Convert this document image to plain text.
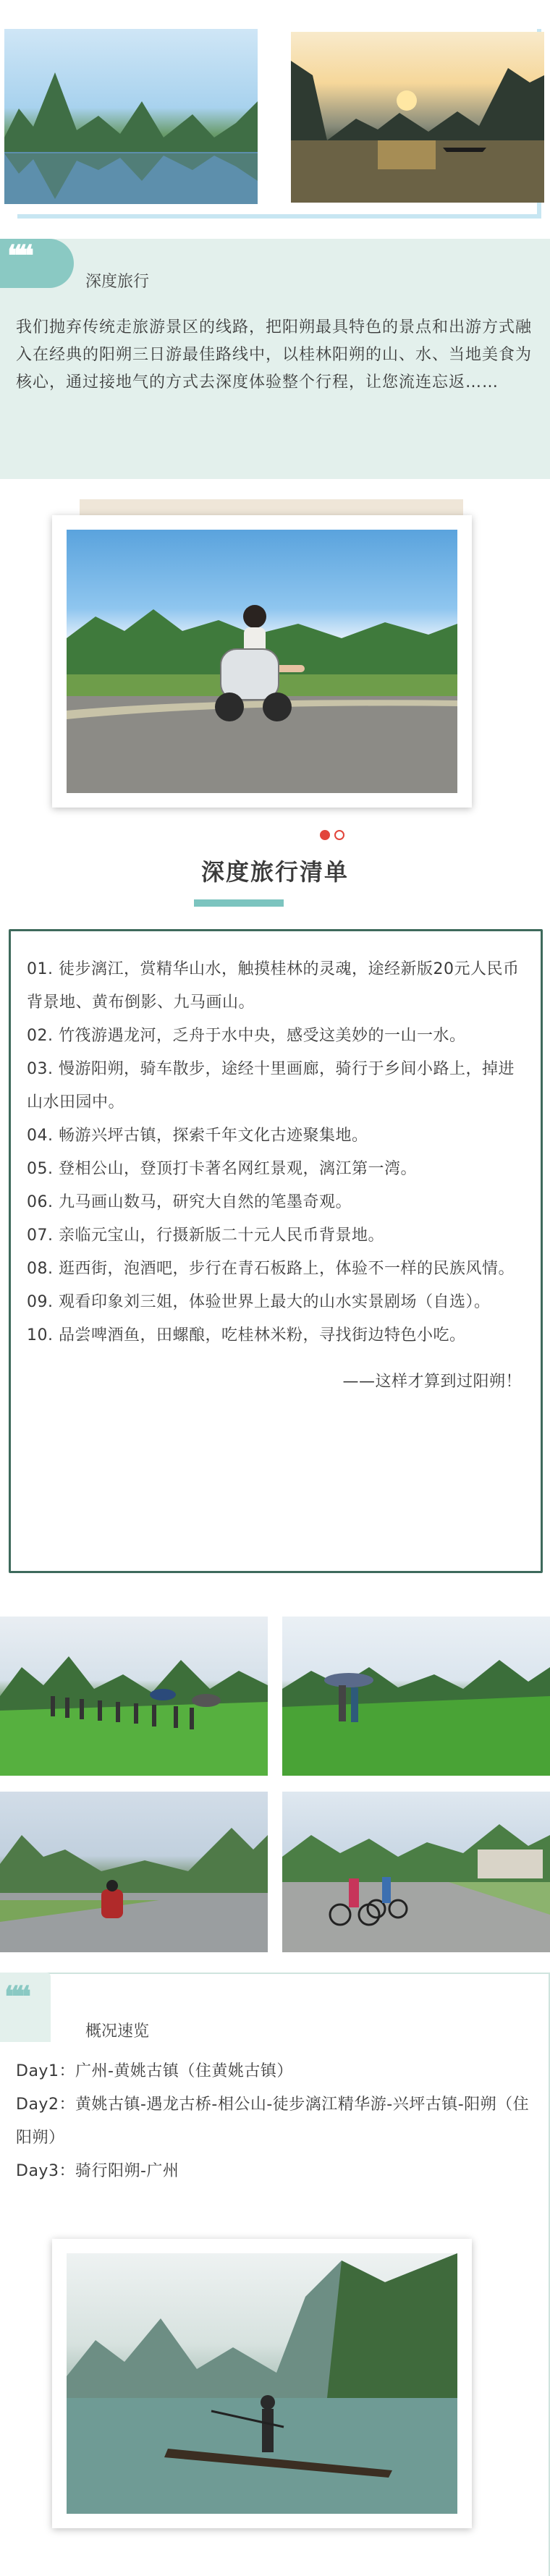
❝❝
深度旅行
我们抛弃传统走旅游景区的线路，把阳朔最具特色的景点和出游方式融入在经典的阳朔三日游最佳路线中，以桂林阳朔的山、水、当地美食为核心，通过接地气的方式去深度体验整个行程，让您流连忘返……
深度旅行清单
01. 徒步漓江，赏精华山水，触摸桂林的灵魂，途经新版20元人民币背景地、黄布倒影、九马画山。
02. 竹筏游遇龙河，乏舟于水中央，感受这美妙的一山一水。
03. 慢游阳朔，骑车散步，途经十里画廊，骑行于乡间小路上，掉进山水田园中。
04. 畅游兴坪古镇，探索千年文化古迹聚集地。
05. 登相公山，登顶打卡著名网红景观，漓江第一湾。
06. 九马画山数马，研究大自然的笔墨奇观。
07. 亲临元宝山，行摄新版二十元人民币背景地。
08. 逛西街，泡酒吧，步行在青石板路上，体验不一样的民族风情。
09. 观看印象刘三姐，体验世界上最大的山水实景剧场（自选）。
10. 品尝啤酒鱼，田螺酿，吃桂林米粉，寻找街边特色小吃。
——这样才算到过阳朔！
❝❝
概况速览
Day1：广州-黄姚古镇（住黄姚古镇）
Day2：黄姚古镇-遇龙古桥-相公山-徒步漓江精华游-兴坪古镇-阳朔（住阳朔）
Day3：骑行阳朔-广州
